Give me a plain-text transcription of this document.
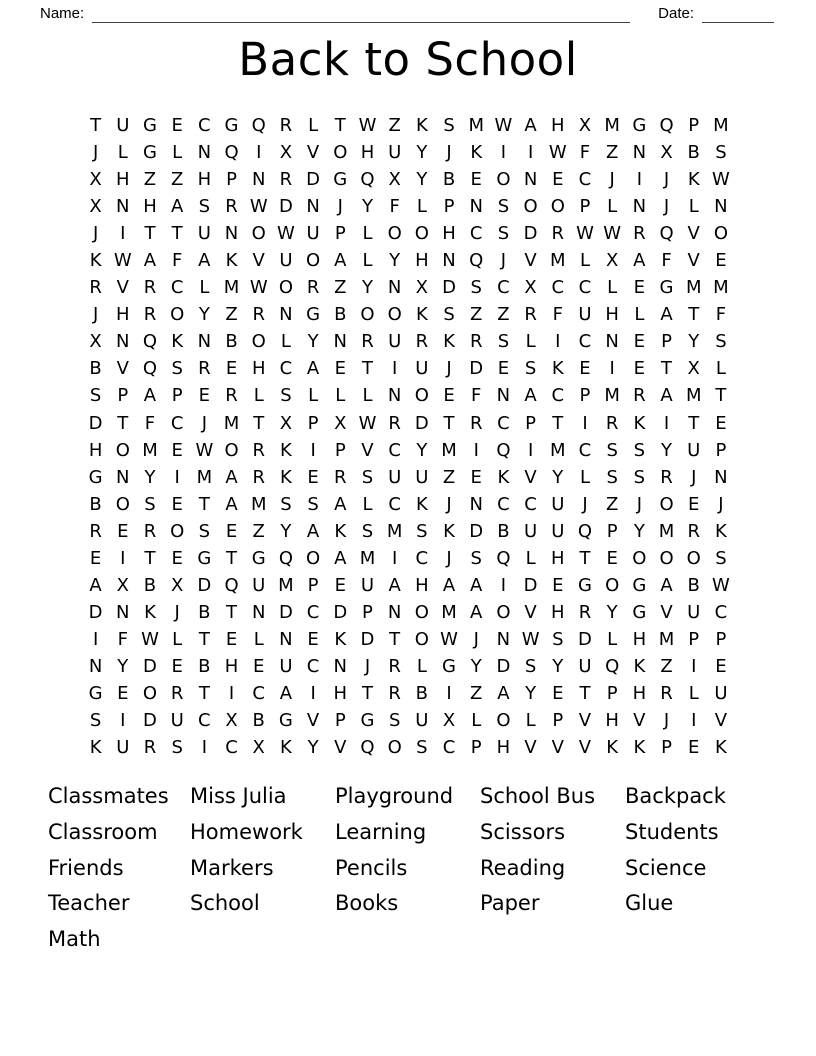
Name:	Date:
Back to School
T U G E C G Q R L T W Z K S M W A H X M G Q P M
J	L G L N Q I	X V O H U Y	J	K	I	I W F Z N X B S
X H Z Z H P N R D G Q X Y B E O N E C	J	I	J	K W
X N H A S R W D N J	Y F L P N S O O P L N J	L N
J	I	T T U N O W U P L O O H C S D R W W R Q V O
K W A F A K V U O A L Y H N Q J	V M L X A F V E
R V R C L M W O R Z Y N X D S C X C C L E G M M
J H R O Y Z R N G B O O K S Z Z R F U H L A T F
X N Q K N B O L Y N R U R K R S L	I	C N E P Y S
B V Q S R E H C A E T	I U J D E S K E	I	E T X L
S P A P E R L S L L L N O E F N A C P M R A M T
D T F C	J M T X P X W R D T R C P T	I	R K	I	T E
H O M E W O R K	I	P V C Y M I Q I M C S S Y U P
G N Y	I M A R K E R S U U Z E K V Y L S S R	J N
B O S E T A M S S A L C K	J N C C U J	Z	J O E	J
R E R O S E Z Y A K S M S K D B U U Q P Y M R K
E	I	T E G T G Q O A M I	C	J	S Q L H T E O O O S
A X B X D Q U M P E U A H A A	I D E G O G A B W
D N K	J	B T N D C D P N O M A O V H R Y G V U C
I	F W L T E L N E K D T O W J N W S D L H M P P
N Y D E B H E U C N J	R L G Y D S Y U Q K Z	I	E
G E O R T	I	C A	I H T R B	I	Z A Y E T P H R L U
S	I D U C X B G V P G S U X L O L P V H V	J	I	V
K U R S	I	C X K Y V Q O S C P H V V V K K P E K
Classmates
Classroom
Friends
Teacher
Math
Miss Julia
Homework
Markers
School
Playground
Learning
Pencils
Books
School Bus
Scissors
Reading
Paper
Backpack
Students
Science
Glue
